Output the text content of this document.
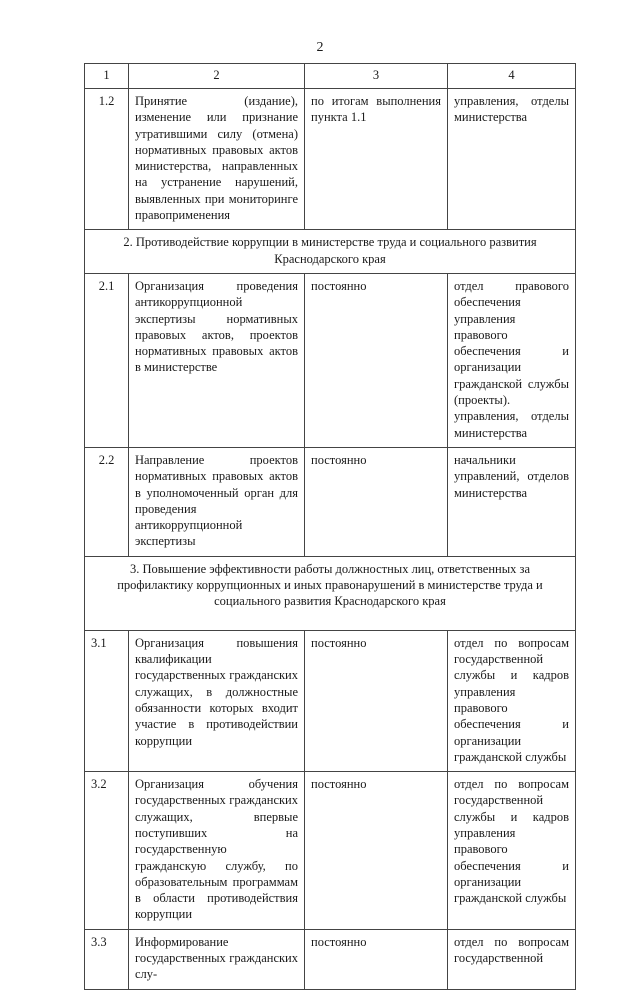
2
1	2	3	4
1.2	Принятие (издание), изменение или признание утратившими силу (отмена) нормативных правовых актов министерства, направленных на устранение нарушений, выявленных при мониторинге правоприменения	по итогам выполнения пункта 1.1	управления, отделы министерства
2. Противодействие коррупции в министерстве труда и социального развития Краснодарского края			
2.1	Организация проведения антикоррупционной экспертизы нормативных правовых актов, проектов нормативных правовых актов в министерстве	постоянно	отдел правового обеспечения управления правового обеспечения и организации гражданской службы (проекты). управления, отделы министерства
2.2	Направление проектов нормативных правовых актов в уполномоченный орган для проведения антикоррупционной экспертизы	постоянно	начальники управлений, отделов министерства
3. Повышение эффективности работы должностных лиц, ответственных за профилактику коррупционных и иных правонарушений в министерстве труда и социального развития Краснодарского края			
3.1	Организация повышения квалификации государственных гражданских служащих, в должностные обязанности которых входит участие в противодействии коррупции	постоянно	отдел по вопросам государственной службы и кадров управления правового обеспечения и организации гражданской службы
3.2	Организация обучения государственных гражданских служащих, впервые поступивших на государственную гражданскую службу, по образовательным программам в области противодействия коррупции	постоянно	отдел по вопросам государственной службы и кадров управления правового обеспечения и организации гражданской службы
3.3	Информирование государственных гражданских слу-	постоянно	отдел по вопросам государственной
